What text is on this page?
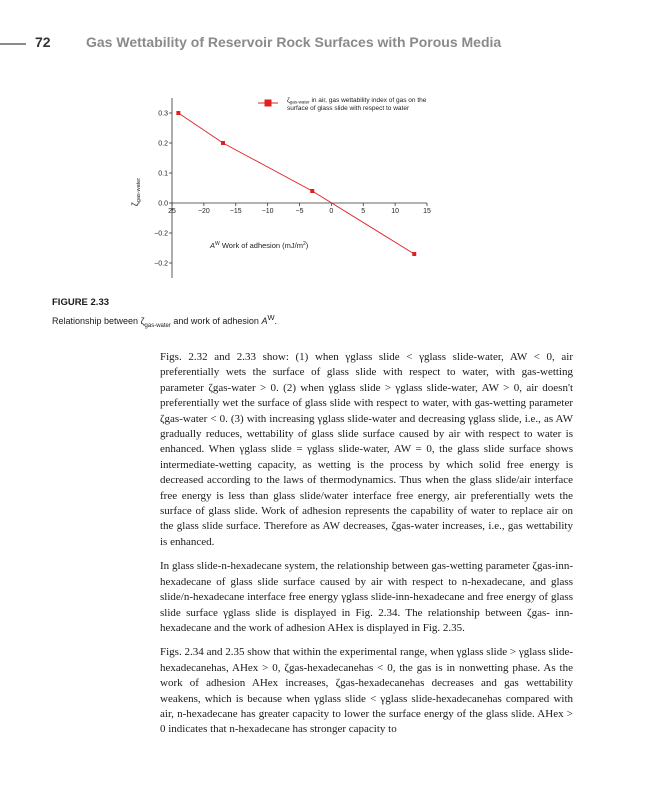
72	Gas Wettability of Reservoir Rock Surfaces with Porous Media
25	−20	−15	−10	−5	0	5	10	15
0.3
0.2
0.1
0.0
−0.2
−0.2
$\zeta_{gas-water}$
$A^W$ Work of adhesion $(mJ/m^2)$
$\zeta_{gas-water}$ in air, gas wettability index of gas on the
surface of glass slide with respect to water
FIGURE 2.33
Relationship between $\zeta_{gas-water}$ and work of adhesion $A^W$.

Figs. 2.32 and 2.33 show: (1) when γglass slide < γglass slide-water, AW < 0, air preferentially wets the surface of glass slide with respect to water, with gas-wetting parameter ζgas-water > 0. (2) when γglass slide > γglass slide-water, AW > 0, air doesn't preferentially wet the surface of glass slide with respect to water, with gas-wetting parameter ζgas-water < 0. (3) with increasing γglass slide-water and decreasing γglass slide, i.e., as AW gradually reduces, wettability of glass slide surface caused by air with respect to water is enhanced. When γglass slide = γglass slide-water, AW = 0, the glass slide surface shows intermediate-wetting capacity, as wetting is the process by which solid free energy is decreased according to the laws of thermodynamics. Thus when the glass slide/air interface free energy is less than glass slide/water interface free energy, air preferentially wets the surface of glass slide. Work of adhesion represents the capability of water to replace air on the glass slide surface. Therefore as AW decreases, ζgas-water increases, i.e., gas wettability is enhanced.

In glass slide-n-hexadecane system, the relationship between gas-wetting parameter ζgas-inn-hexadecane of glass slide surface caused by air with respect to n-hexadecane, and glass slide/n-hexadecane interface free energy γglass slide-inn-hexadecane and free energy of glass slide surface γglass slide is displayed in Fig. 2.34. The relationship between ζgas- inn-hexadecane and the work of adhesion AHex is displayed in Fig. 2.35.

Figs. 2.34 and 2.35 show that within the experimental range, when γglass slide > γglass slide-hexadecanehas, AHex > 0, ζgas-hexadecanehas < 0, the gas is in nonwetting phase. As the work of adhesion AHex increases, ζgas-hexadecanehas decreases and gas wettability weakens, which is because when γglass slide < γglass slide-hexadecanehas compared with air, n-hexadecane has greater capacity to lower the surface energy of the glass slide. AHex > 0 indicates that n-hexadecane has stronger capacity to
